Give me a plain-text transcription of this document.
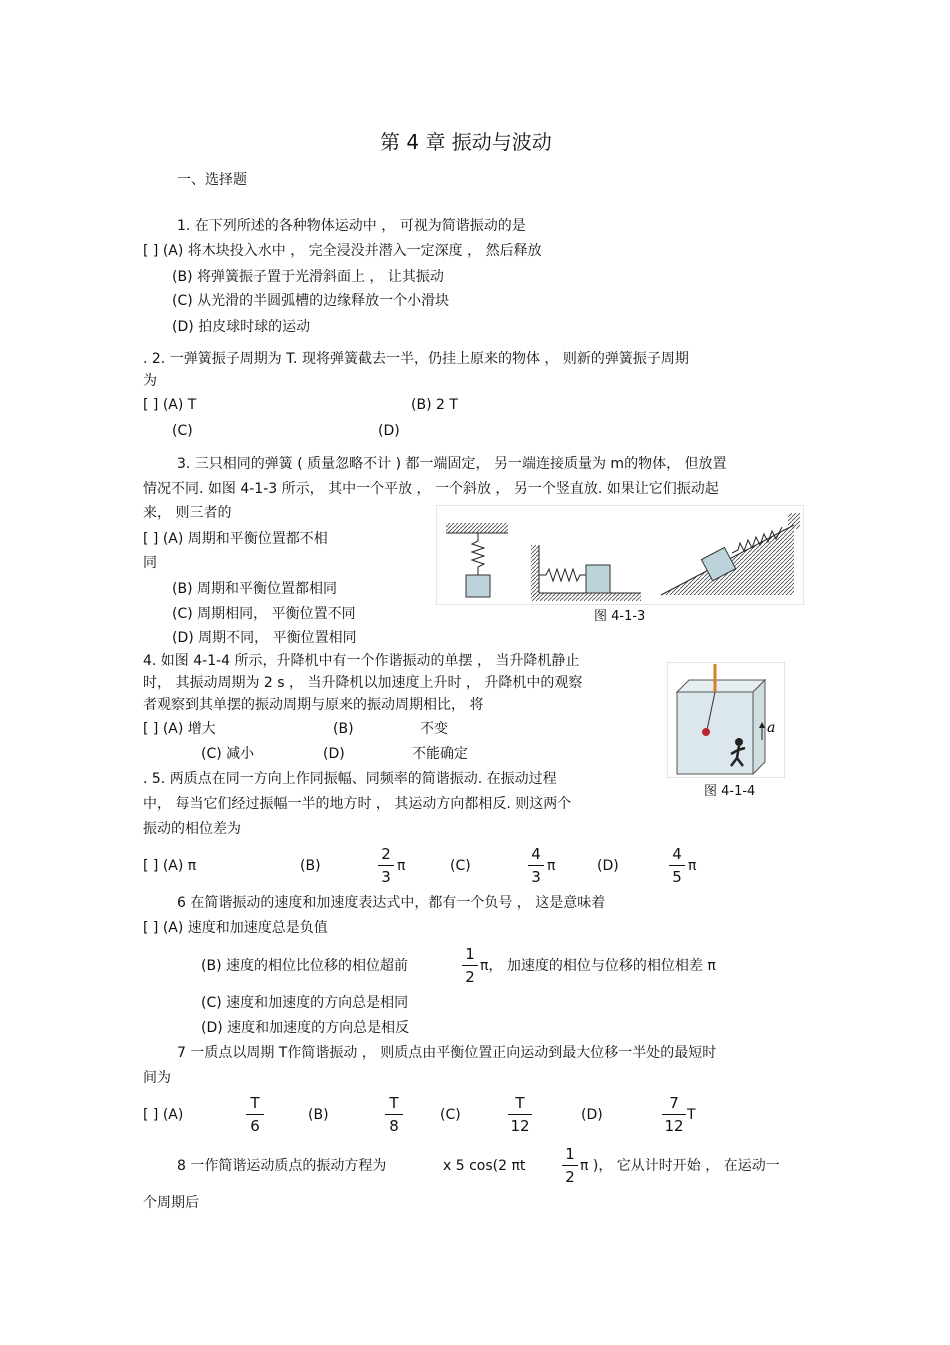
第 4 章 振动与波动
一、选择题
1. 在下列所述的各种物体运动中 ， 可视为简谐振动的是
[ ] (A) 将木块投入水中 ， 完全浸没并潜入一定深度 ， 然后释放
(B) 将弹簧振子置于光滑斜面上 ， 让其振动
(C) 从光滑的半圆弧槽的边缘释放一个小滑块
(D) 拍皮球时球的运动
. 2. 一弹簧振子周期为 T. 现将弹簧截去一半，仍挂上原来的物体 ， 则新的弹簧振子周期
为
[ ] (A) T	(B) 2 T
(C)	(D)
3. 三只相同的弹簧 ( 质量忽略不计 ) 都一端固定， 另一端连接质量为 m的物体， 但放置
情况不同. 如图 4-1-3 所示， 其中一个平放 ， 一个斜放 ， 另一个竖直放. 如果让它们振动起
来， 则三者的
[ ] (A) 周期和平衡位置都不相
同
(B) 周期和平衡位置都相同
(C) 周期相同， 平衡位置不同
(D) 周期不同， 平衡位置相同
图 4-1-3
4. 如图 4-1-4 所示，升降机中有一个作谐振动的单摆 ， 当升降机静止
时， 其振动周期为 2 s ， 当升降机以加速度上升时 ， 升降机中的观察
者观察到其单摆的振动周期与原来的振动周期相比， 将
[ ] (A) 增大	(B)	不变
(C) 减小	(D)	不能确定
a
图 4-1-4
. 5. 两质点在同一方向上作同振幅、同频率的简谐振动. 在振动过程
中， 每当它们经过振幅一半的地方时 ， 其运动方向都相反. 则这两个
振动的相位差为
[ ] (A) π	(B)
2
3
π	(C)
4
3
π	(D)
4
5
π
6 在简谐振动的速度和加速度表达式中，都有一个负号 ， 这是意味着
[ ] (A) 速度和加速度总是负值
(B) 速度的相位比位移的相位超前
1
2
π， 加速度的相位与位移的相位相差 π
(C) 速度和加速度的方向总是相同
(D) 速度和加速度的方向总是相反
7 一质点以周期 T作简谐振动 ， 则质点由平衡位置正向运动到最大位移一半处的最短时
间为
[ ] (A)
T
6
(B)
T
8
(C)
T
12
(D)
7
12
T
8 一作简谐运动质点的振动方程为	x 5 cos(2 πt
1
2
π )， 它从计时开始 ， 在运动一
个周期后
